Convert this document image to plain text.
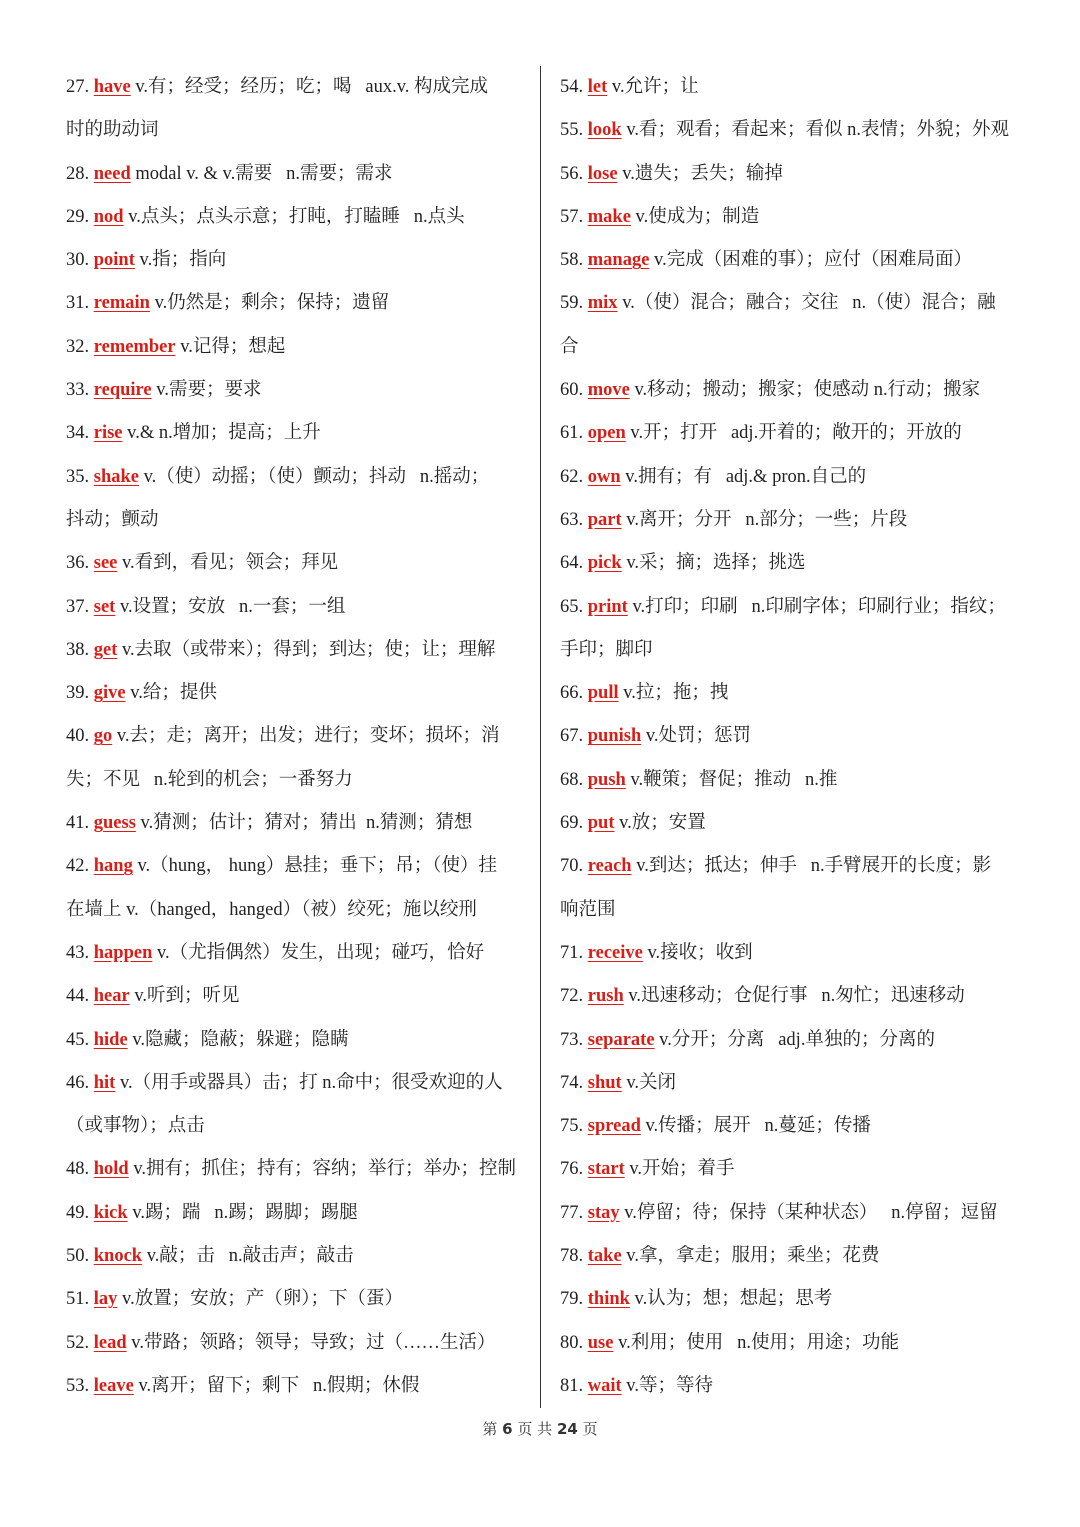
27. have v.有；经受；经历；吃；喝   aux.v. 构成完成
时的助动词
28. need modal v. & v.需要   n.需要；需求
29. nod v.点头；点头示意；打盹，打瞌睡   n.点头
30. point v.指；指向
31. remain v.仍然是；剩余；保持；遗留
32. remember v.记得；想起
33. require v.需要；要求
34. rise v.& n.增加；提高；上升
35. shake v.（使）动摇；（使）颤动；抖动   n.摇动；
抖动；颤动
36. see v.看到，看见；领会；拜见
37. set v.设置；安放   n.一套；一组
38. get v.去取（或带来）；得到；到达；使；让；理解
39. give v.给；提供
40. go v.去；走；离开；出发；进行；变坏；损坏；消
失；不见   n.轮到的机会；一番努力
41. guess v.猜测；估计；猜对；猜出  n.猜测；猜想
42. hang v.（hung， hung）悬挂；垂下；吊；（使）挂
在墙上 v.（hanged，hanged）（被）绞死；施以绞刑
43. happen v.（尤指偶然）发生，出现；碰巧，恰好
44. hear v.听到；听见
45. hide v.隐藏；隐蔽；躲避；隐瞒
46. hit v.（用手或器具）击；打 n.命中；很受欢迎的人
（或事物）；点击
48. hold v.拥有；抓住；持有；容纳；举行；举办；控制
49. kick v.踢；踹   n.踢；踢脚；踢腿
50. knock v.敲；击   n.敲击声；敲击
51. lay v.放置；安放；产（卵）；下（蛋）
52. lead v.带路；领路；领导；导致；过（……生活）
53. leave v.离开；留下；剩下   n.假期；休假
54. let v.允许；让
55. look v.看；观看；看起来；看似 n.表情；外貌；外观
56. lose v.遗失；丢失；输掉
57. make v.使成为；制造
58. manage v.完成（困难的事）；应付（困难局面）
59. mix v.（使）混合；融合；交往   n.（使）混合；融
合
60. move v.移动；搬动；搬家；使感动 n.行动；搬家
61. open v.开；打开   adj.开着的；敞开的；开放的
62. own v.拥有；有   adj.& pron.自己的
63. part v.离开；分开   n.部分；一些；片段
64. pick v.采；摘；选择；挑选
65. print v.打印；印刷   n.印刷字体；印刷行业；指纹；
手印；脚印
66. pull v.拉；拖；拽
67. punish v.处罚；惩罚
68. push v.鞭策；督促；推动   n.推
69. put v.放；安置
70. reach v.到达；抵达；伸手   n.手臂展开的长度；影
响范围
71. receive v.接收；收到
72. rush v.迅速移动；仓促行事   n.匆忙；迅速移动
73. separate v.分开；分离   adj.单独的；分离的
74. shut v.关闭
75. spread v.传播；展开   n.蔓延；传播
76. start v.开始；着手
77. stay v.停留；待；保持（某种状态）   n.停留；逗留
78. take v.拿，拿走；服用；乘坐；花费
79. think v.认为；想；想起；思考
80. use v.利用；使用   n.使用；用途；功能
81. wait v.等；等待
第 6 页 共 24 页
